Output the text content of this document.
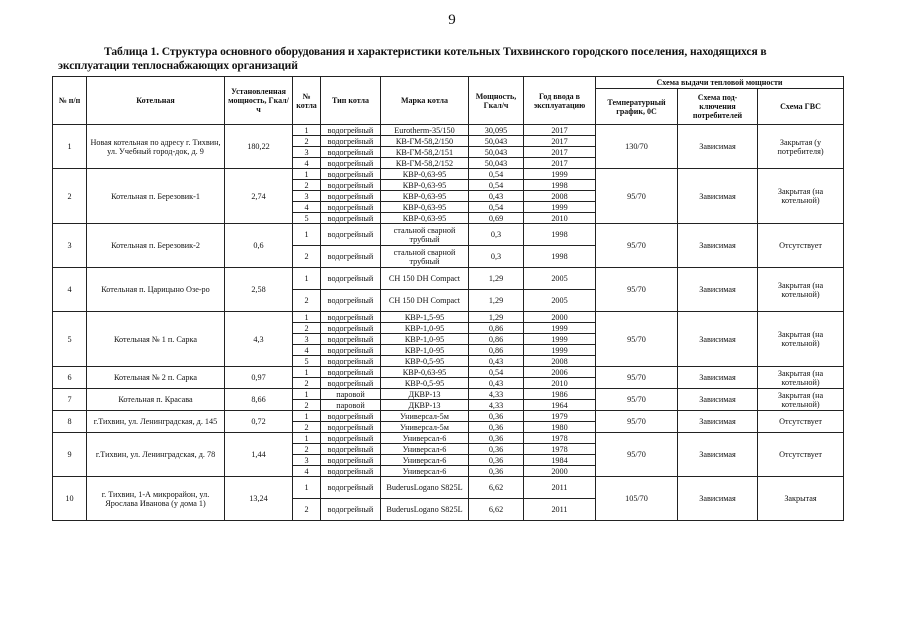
9
Таблица 1. Структура основного оборудования и характеристики котельных Тихвинского городского поселения, находящихся в
эксплуатации теплоснабжающих организаций
№ п/п	Котельная	Установленная мощность, Гкал/ч	№ котла	Тип котла	Марка котла	Мощность, Гкал/ч	Год ввода в эксплуатацию	Схема выдачи тепловой мощности		
								Температурный график, 0С	Схема под-ключения потребителей	Схема ГВС
1	Новая котельная по адресу г. Тихвин, ул. Учебный город-док, д. 9	180,22	1	водогрейный	Eurotherm-35/150	30,095	2017	130/70	Зависимая	Закрытая (у потребителя)
			2	водогрейный	КВ-ГМ-58,2/150	50,043	2017			
			3	водогрейный	КВ-ГМ-58,2/151	50,043	2017			
			4	водогрейный	КВ-ГМ-58,2/152	50,043	2017			
2	Котельная п. Березовик-1	2,74	1	водогрейный	КВР-0,63-95	0,54	1999	95/70	Зависимая	Закрытая (на котельной)
			2	водогрейный	КВР-0,63-95	0,54	1998			
			3	водогрейный	КВР-0,63-95	0,43	2008			
			4	водогрейный	КВР-0,63-95	0,54	1999			
			5	водогрейный	КВР-0,63-95	0,69	2010			
3	Котельная п. Березовик-2	0,6	1	водогрейный	стальной сварной трубный	0,3	1998	95/70	Зависимая	Отсутствует
			2	водогрейный	стальной сварной трубный	0,3	1998			
4	Котельная п. Царицыно Озе-ро	2,58	1	водогрейный	CH 150 DH Compact	1,29	2005	95/70	Зависимая	Закрытая (на котельной)
			2	водогрейный	CH 150 DH Compact	1,29	2005			
5	Котельная № 1 п. Сарка	4,3	1	водогрейный	КВР-1,5-95	1,29	2000	95/70	Зависимая	Закрытая (на котельной)
			2	водогрейный	КВР-1,0-95	0,86	1999			
			3	водогрейный	КВР-1,0-95	0,86	1999			
			4	водогрейный	КВР-1,0-95	0,86	1999			
			5	водогрейный	КВР-0,5-95	0,43	2008			
6	Котельная № 2 п. Сарка	0,97	1	водогрейный	КВР-0,63-95	0,54	2006	95/70	Зависимая	Закрытая (на котельной)
			2	водогрейный	КВР-0,5-95	0,43	2010			
7	Котельная п. Красава	8,66	1	паровой	ДКВР-13	4,33	1986	95/70	Зависимая	Закрытая (на котельной)
			2	паровой	ДКВР-13	4,33	1964			
8	г.Тихвин, ул. Ленинградская, д. 145	0,72	1	водогрейный	Универсал-5м	0,36	1979	95/70	Зависимая	Отсутствует
			2	водогрейный	Универсал-5м	0,36	1980			
9	г.Тихвин, ул. Ленинградская, д. 78	1,44	1	водогрейный	Универсал-6	0,36	1978	95/70	Зависимая	Отсутствует
			2	водогрейный	Универсал-6	0,36	1978			
			3	водогрейный	Универсал-6	0,36	1984			
			4	водогрейный	Универсал-6	0,36	2000			
10	г. Тихвин, 1-А микрорайон, ул. Ярослава Иванова (у дома 1)	13,24	1	водогрейный	BuderusLogano S825L	6,62	2011	105/70	Зависимая	Закрытая
			2	водогрейный	BuderusLogano S825L	6,62	2011			
